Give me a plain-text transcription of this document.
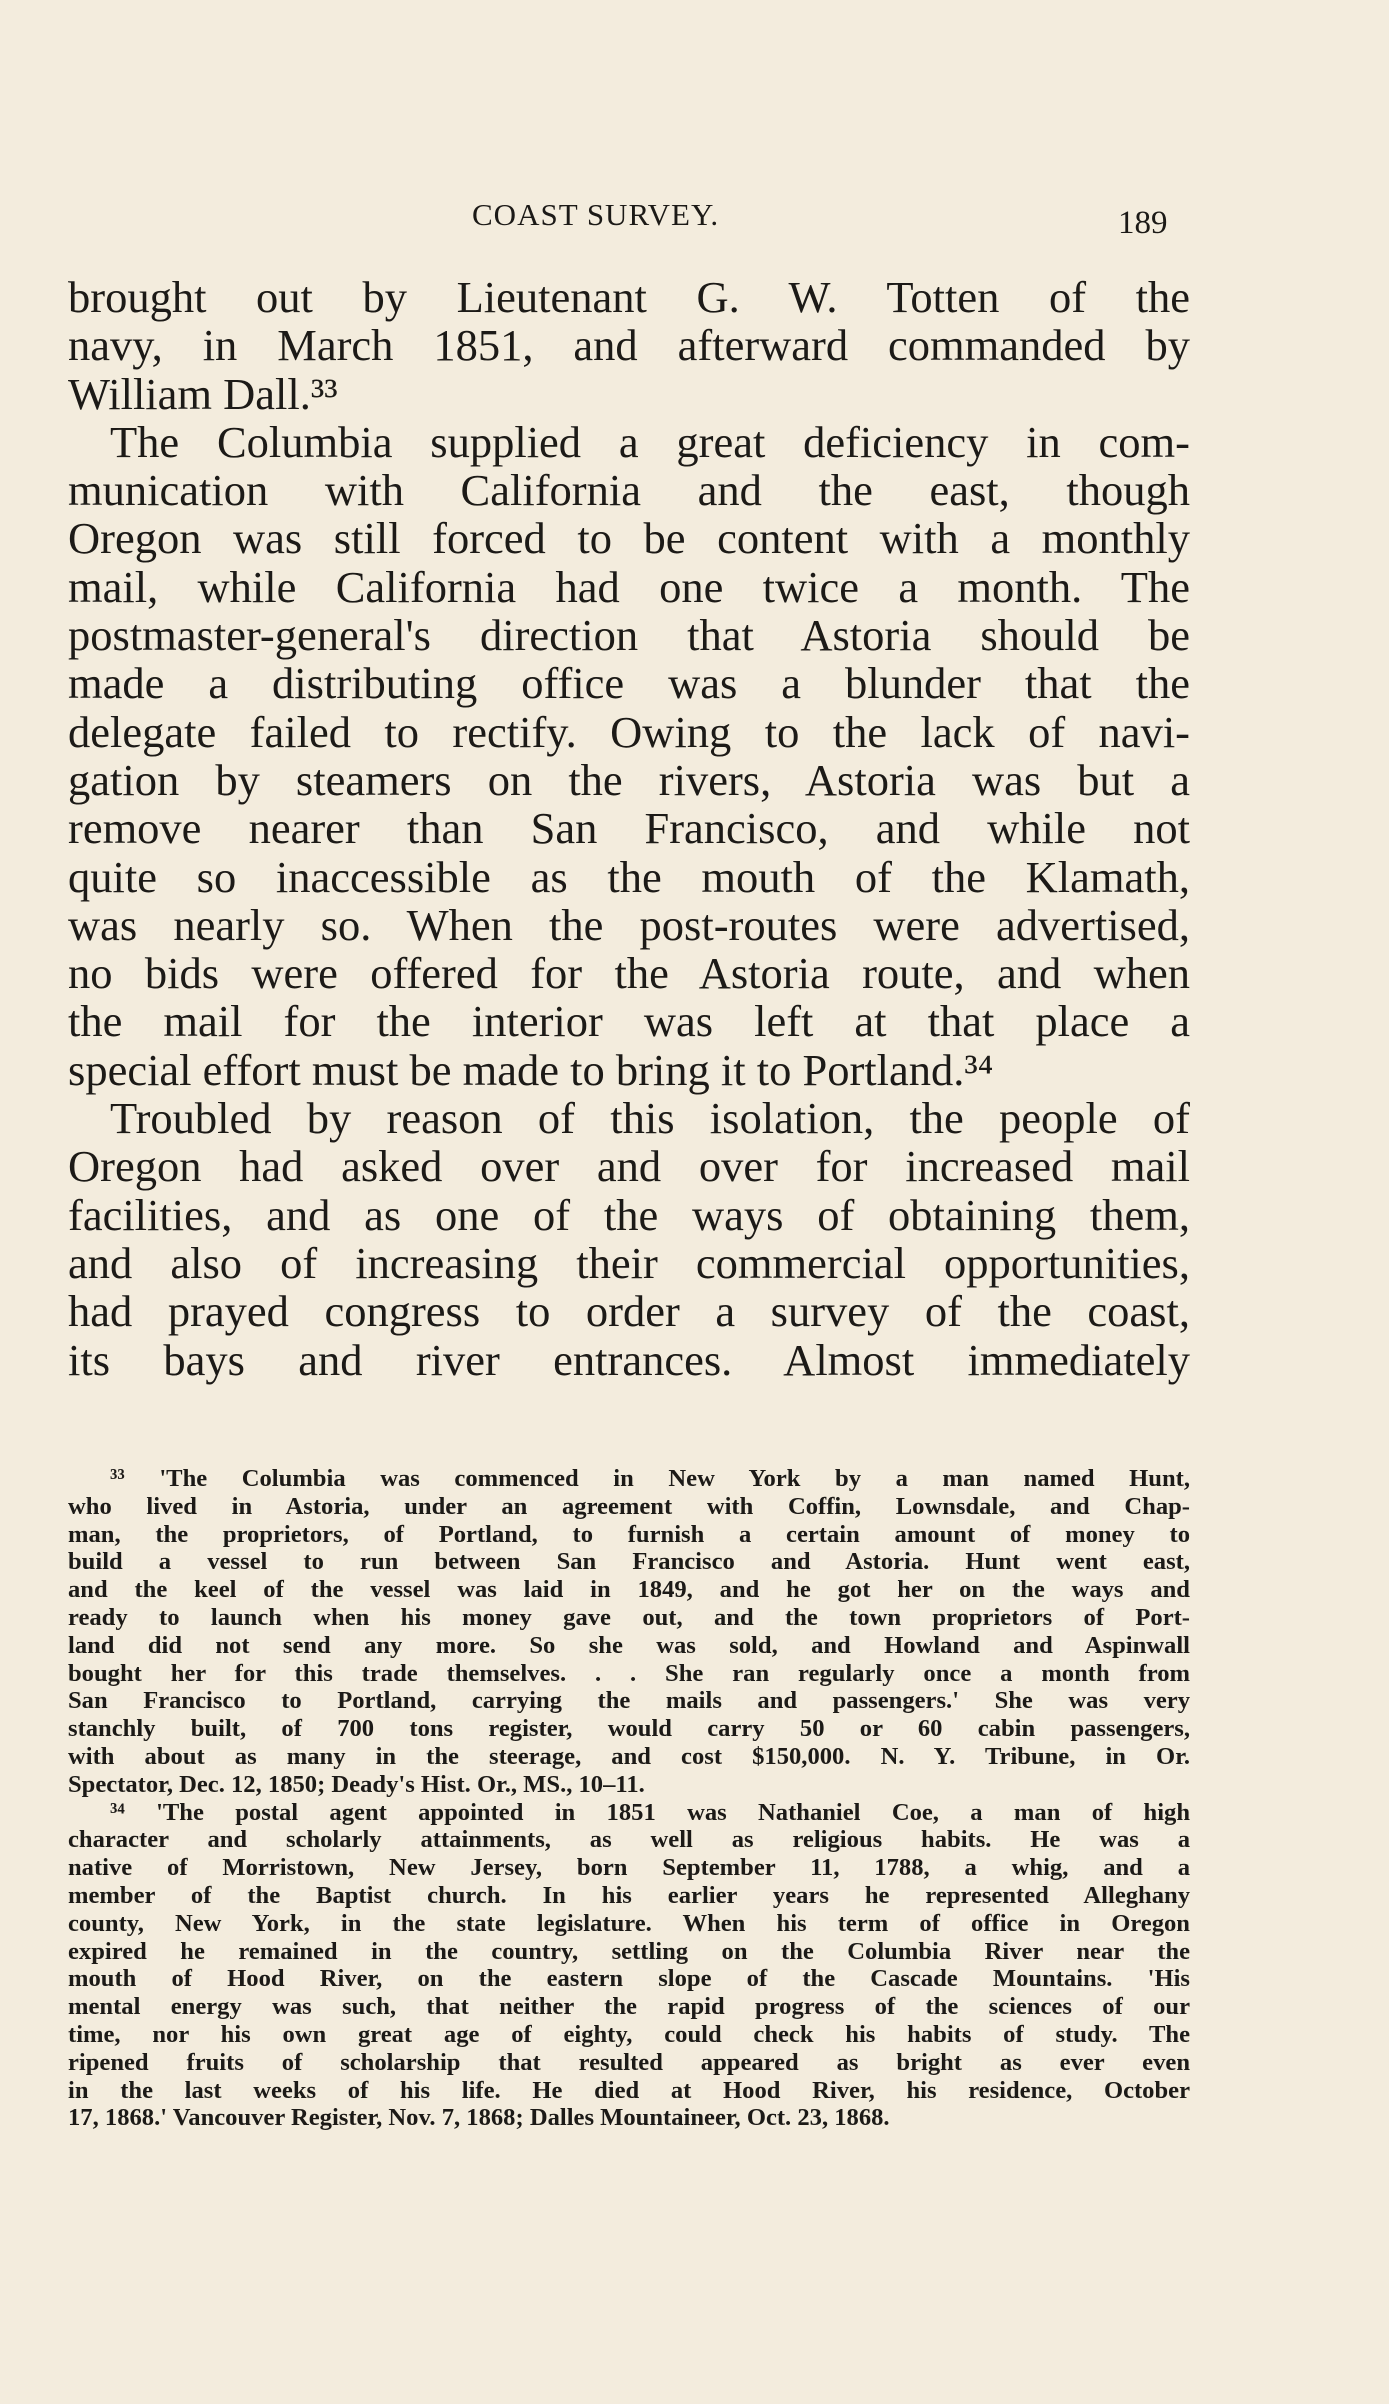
COAST SURVEY.	189
brought out by Lieutenant G. W. Totten of the
navy, in March 1851, and afterward commanded by
William Dall.³³
The Columbia supplied a great deficiency in com-
munication with California and the east, though
Oregon was still forced to be content with a monthly
mail, while California had one twice a month. The
postmaster-general's direction that Astoria should be
made a distributing office was a blunder that the
delegate failed to rectify. Owing to the lack of navi-
gation by steamers on the rivers, Astoria was but a
remove nearer than San Francisco, and while not
quite so inaccessible as the mouth of the Klamath,
was nearly so. When the post-routes were advertised,
no bids were offered for the Astoria route, and when
the mail for the interior was left at that place a
special effort must be made to bring it to Portland.³⁴
Troubled by reason of this isolation, the people of
Oregon had asked over and over for increased mail
facilities, and as one of the ways of obtaining them,
and also of increasing their commercial opportunities,
had prayed congress to order a survey of the coast,
its bays and river entrances. Almost immediately
³³ 'The Columbia was commenced in New York by a man named Hunt,
who lived in Astoria, under an agreement with Coffin, Lownsdale, and Chap-
man, the proprietors, of Portland, to furnish a certain amount of money to
build a vessel to run between San Francisco and Astoria. Hunt went east,
and the keel of the vessel was laid in 1849, and he got her on the ways and
ready to launch when his money gave out, and the town proprietors of Port-
land did not send any more. So she was sold, and Howland and Aspinwall
bought her for this trade themselves. . . She ran regularly once a month from
San Francisco to Portland, carrying the mails and passengers.' She was very
stanchly built, of 700 tons register, would carry 50 or 60 cabin passengers,
with about as many in the steerage, and cost $150,000. N. Y. Tribune, in Or.
Spectator, Dec. 12, 1850; Deady's Hist. Or., MS., 10–11.
³⁴ 'The postal agent appointed in 1851 was Nathaniel Coe, a man of high
character and scholarly attainments, as well as religious habits. He was a
native of Morristown, New Jersey, born September 11, 1788, a whig, and a
member of the Baptist church. In his earlier years he represented Alleghany
county, New York, in the state legislature. When his term of office in Oregon
expired he remained in the country, settling on the Columbia River near the
mouth of Hood River, on the eastern slope of the Cascade Mountains. 'His
mental energy was such, that neither the rapid progress of the sciences of our
time, nor his own great age of eighty, could check his habits of study. The
ripened fruits of scholarship that resulted appeared as bright as ever even
in the last weeks of his life. He died at Hood River, his residence, October
17, 1868.' Vancouver Register, Nov. 7, 1868; Dalles Mountaineer, Oct. 23, 1868.
